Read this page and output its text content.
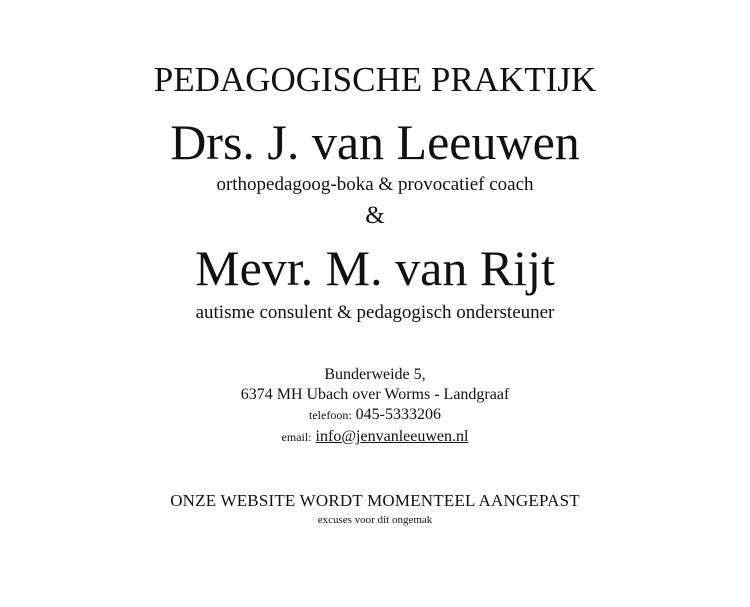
PEDAGOGISCHE PRAKTIJK
Drs. J. van Leeuwen
orthopedagoog-boka & provocatief coach
&
Mevr. M. van Rijt
autisme consulent & pedagogisch ondersteuner
Bunderweide 5,
6374 MH Ubach over Worms - Landgraaf
telefoon: 045-5333206
email: info@jenvanleeuwen.nl
ONZE WEBSITE WORDT MOMENTEEL AANGEPAST
excuses voor dit ongemak
